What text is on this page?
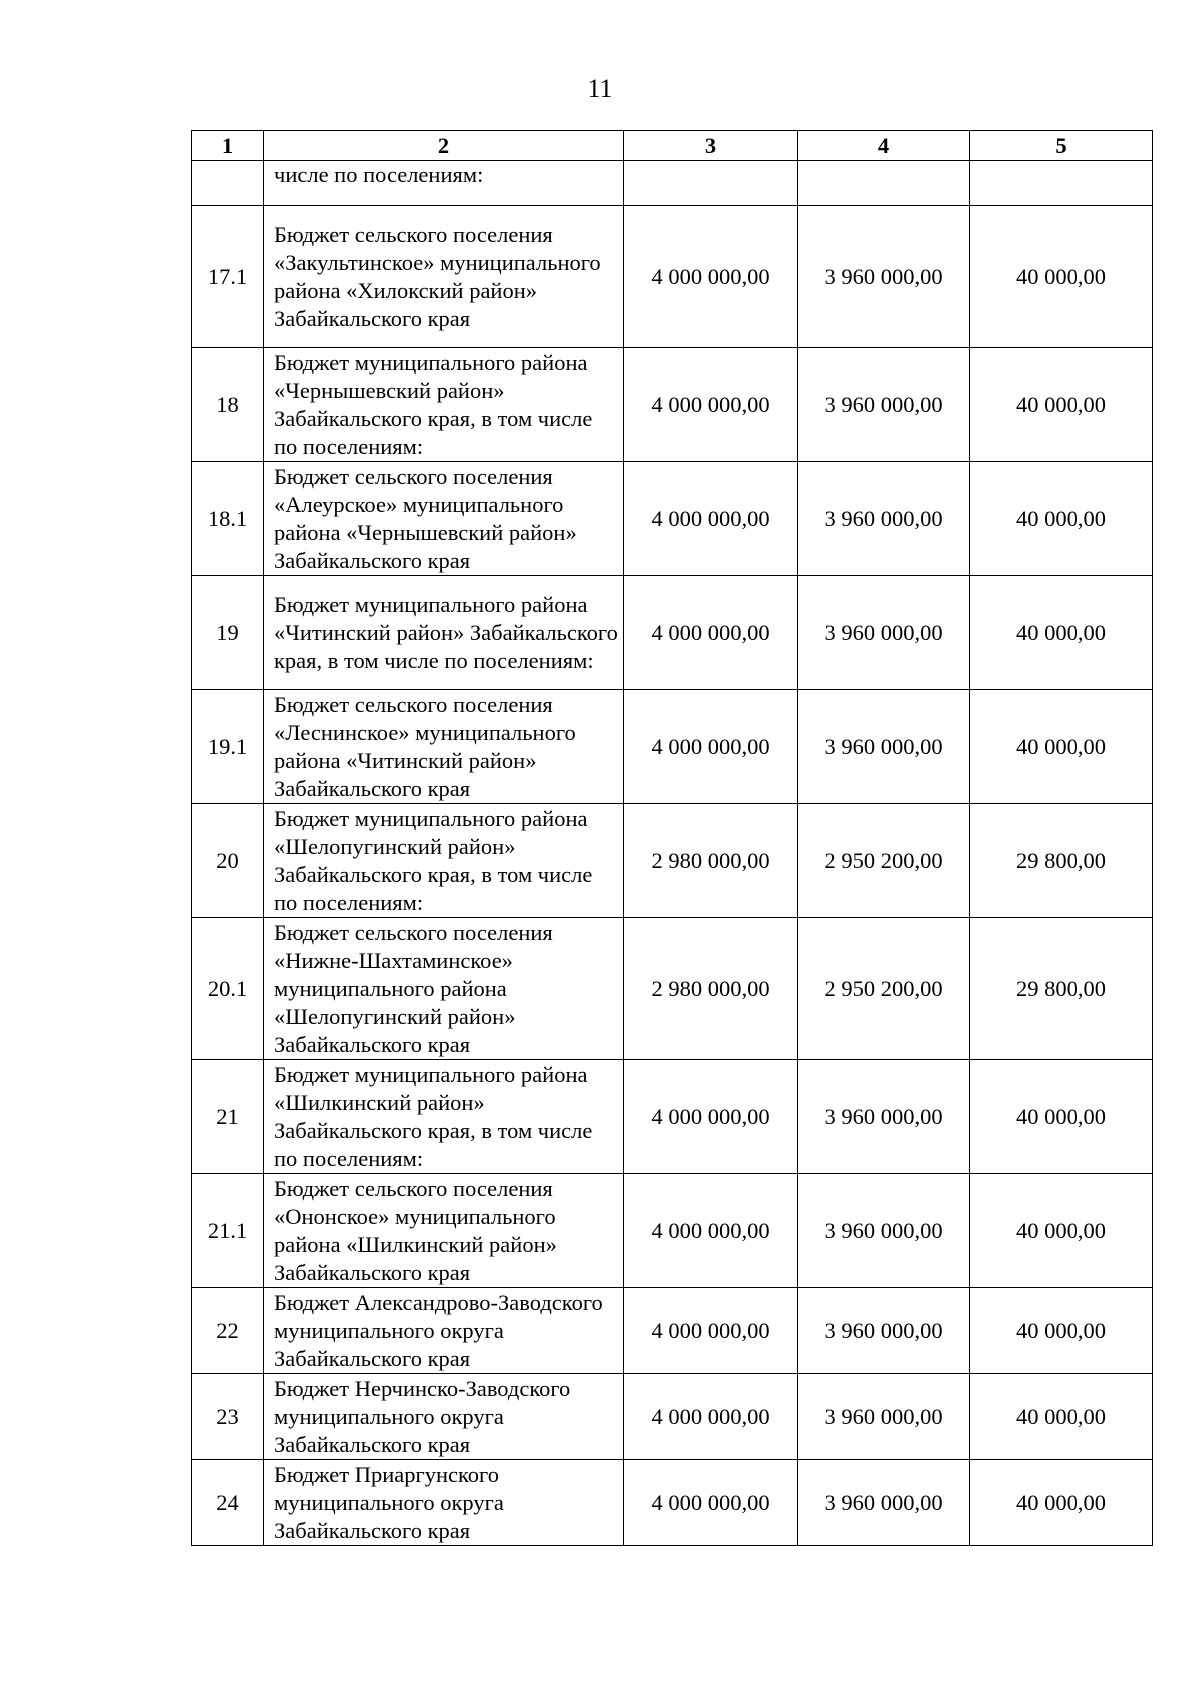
11
1	2	3	4	5
	числе по поселениям:			
17.1	Бюджет сельского поселения «Закультинское» муниципального района «Хилокский район» Забайкальского края	4 000 000,00	3 960 000,00	40 000,00
18	Бюджет муниципального района «Чернышевский район» Забайкальского края, в том числе по поселениям:	4 000 000,00	3 960 000,00	40 000,00
18.1	Бюджет сельского поселения «Алеурское» муниципального района «Чернышевский район» Забайкальского края	4 000 000,00	3 960 000,00	40 000,00
19	Бюджет муниципального района «Читинский район» Забайкальского края, в том числе по поселениям:	4 000 000,00	3 960 000,00	40 000,00
19.1	Бюджет сельского поселения «Леснинское» муниципального района «Читинский район» Забайкальского края	4 000 000,00	3 960 000,00	40 000,00
20	Бюджет муниципального района «Шелопугинский район» Забайкальского края, в том числе по поселениям:	2 980 000,00	2 950 200,00	29 800,00
20.1	Бюджет сельского поселения «Нижне-Шахтаминское» муниципального района «Шелопугинский район» Забайкальского края	2 980 000,00	2 950 200,00	29 800,00
21	Бюджет муниципального района «Шилкинский район» Забайкальского края, в том числе по поселениям:	4 000 000,00	3 960 000,00	40 000,00
21.1	Бюджет сельского поселения «Ононское» муниципального района «Шилкинский район» Забайкальского края	4 000 000,00	3 960 000,00	40 000,00
22	Бюджет Александрово-Заводского муниципального округа Забайкальского края	4 000 000,00	3 960 000,00	40 000,00
23	Бюджет Нерчинско-Заводского муниципального округа Забайкальского края	4 000 000,00	3 960 000,00	40 000,00
24	Бюджет Приаргунского муниципального округа Забайкальского края	4 000 000,00	3 960 000,00	40 000,00
